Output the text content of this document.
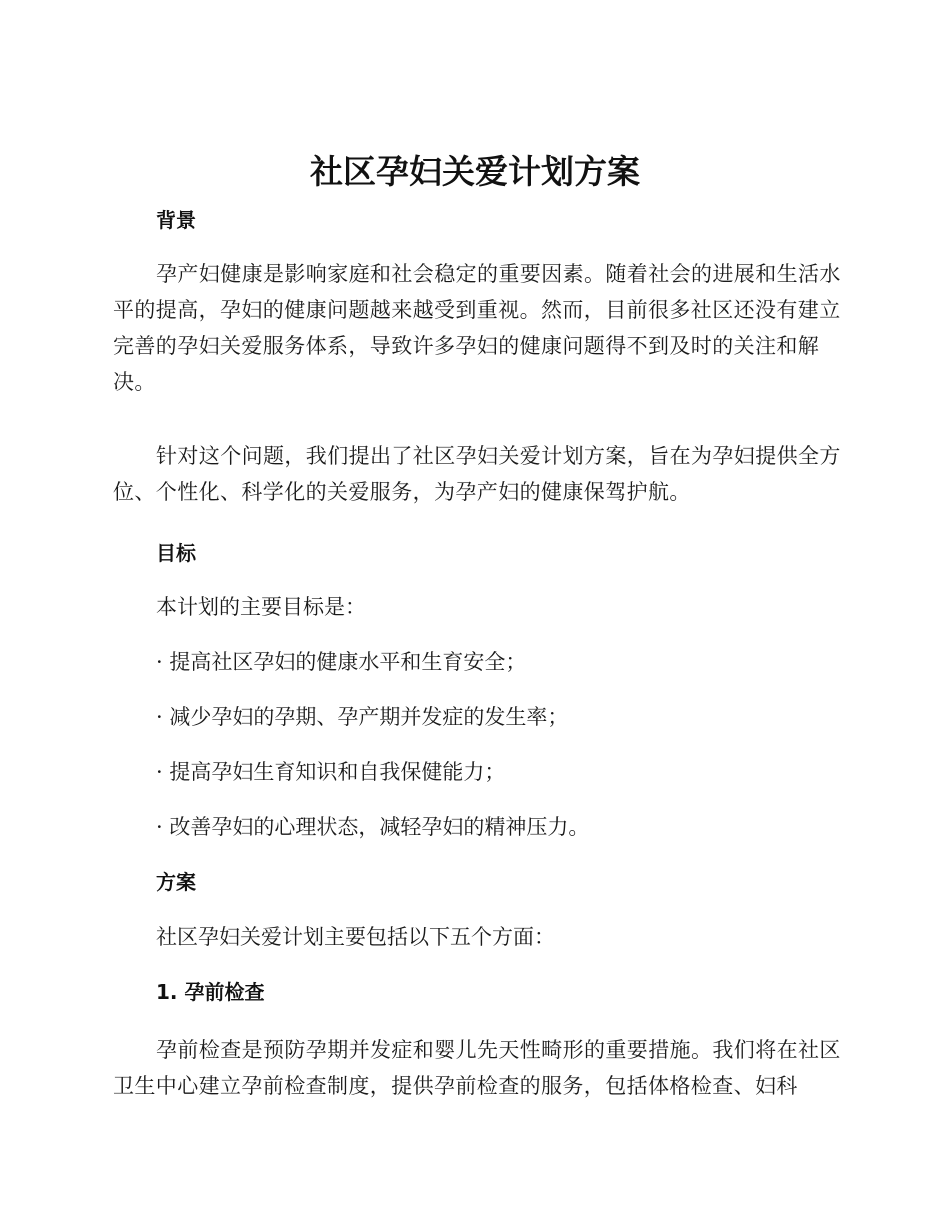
社区孕妇关爱计划方案
背景

孕产妇健康是影响家庭和社会稳定的重要因素。随着社会的进展和生活水平的提高，孕妇的健康问题越来越受到重视。然而，目前很多社区还没有建立完善的孕妇关爱服务体系，导致许多孕妇的健康问题得不到及时的关注和解决。

针对这个问题，我们提出了社区孕妇关爱计划方案，旨在为孕妇提供全方位、个性化、科学化的关爱服务，为孕产妇的健康保驾护航。

目标
本计划的主要目标是：
· 提高社区孕妇的健康水平和生育安全；
· 减少孕妇的孕期、孕产期并发症的发生率；
· 提高孕妇生育知识和自我保健能力；
· 改善孕妇的心理状态，减轻孕妇的精神压力。
方案
社区孕妇关爱计划主要包括以下五个方面：
1. 孕前检查

孕前检查是预防孕期并发症和婴儿先天性畸形的重要措施。我们将在社区卫生中心建立孕前检查制度，提供孕前检查的服务，包括体格检查、妇科
